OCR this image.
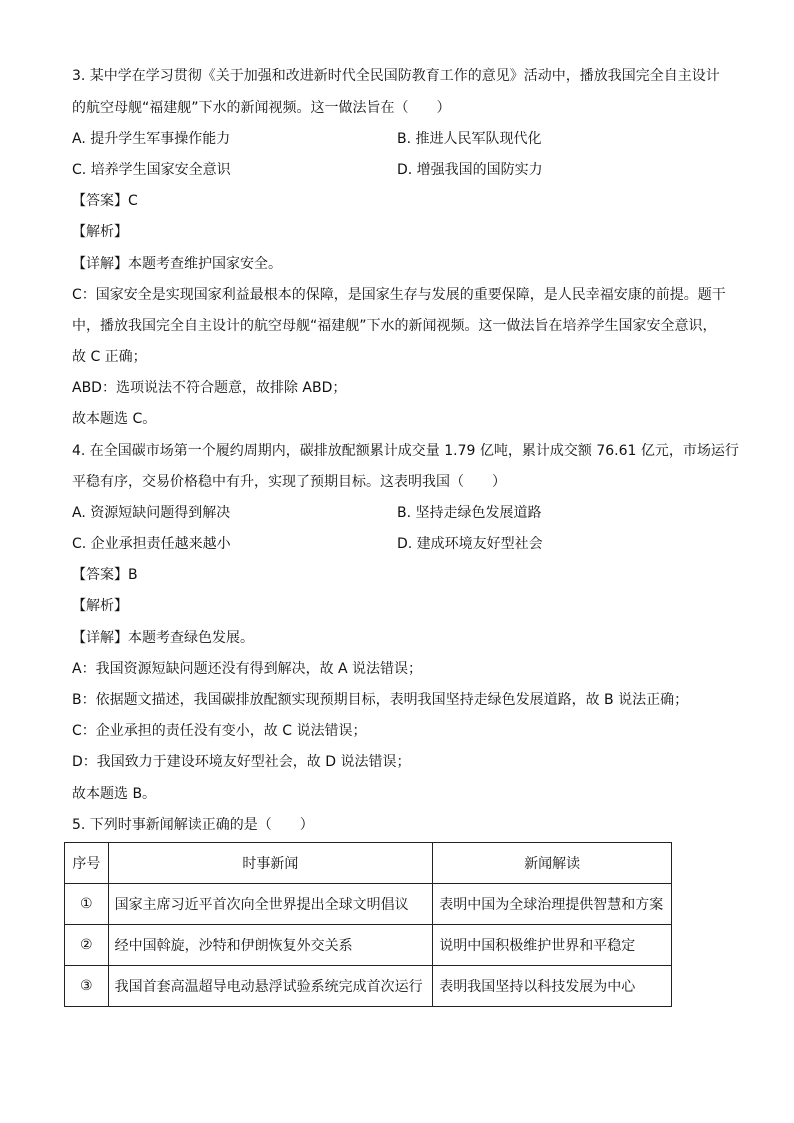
3. 某中学在学习贯彻《关于加强和改进新时代全民国防教育工作的意见》活动中，播放我国完全自主设计
的航空母舰“福建舰”下水的新闻视频。这一做法旨在（　　）
A. 提升学生军事操作能力	B. 推进人民军队现代化
C. 培养学生国家安全意识	D. 增强我国的国防实力
【答案】C
【解析】
【详解】本题考查维护国家安全。
C：国家安全是实现国家利益最根本的保障，是国家生存与发展的重要保障，是人民幸福安康的前提。题干
中，播放我国完全自主设计的航空母舰“福建舰”下水的新闻视频。这一做法旨在培养学生国家安全意识，
故 C 正确；
ABD：选项说法不符合题意，故排除 ABD；
故本题选 C。
4. 在全国碳市场第一个履约周期内，碳排放配额累计成交量 1.79 亿吨，累计成交额 76.61 亿元，市场运行
平稳有序，交易价格稳中有升，实现了预期目标。这表明我国（　　）
A. 资源短缺问题得到解决	B. 坚持走绿色发展道路
C. 企业承担责任越来越小	D. 建成环境友好型社会
【答案】B
【解析】
【详解】本题考查绿色发展。
A：我国资源短缺问题还没有得到解决，故 A 说法错误；
B：依据题文描述，我国碳排放配额实现预期目标，表明我国坚持走绿色发展道路，故 B 说法正确；
C：企业承担的责任没有变小，故 C 说法错误；
D：我国致力于建设环境友好型社会，故 D 说法错误；
故本题选 B。
5. 下列时事新闻解读正确的是（　　）
序号	时事新闻	新闻解读
①	国家主席习近平首次向全世界提出全球文明倡议	表明中国为全球治理提供智慧和方案
②	经中国斡旋，沙特和伊朗恢复外交关系	说明中国积极维护世界和平稳定
③	我国首套高温超导电动悬浮试验系统完成首次运行	表明我国坚持以科技发展为中心
